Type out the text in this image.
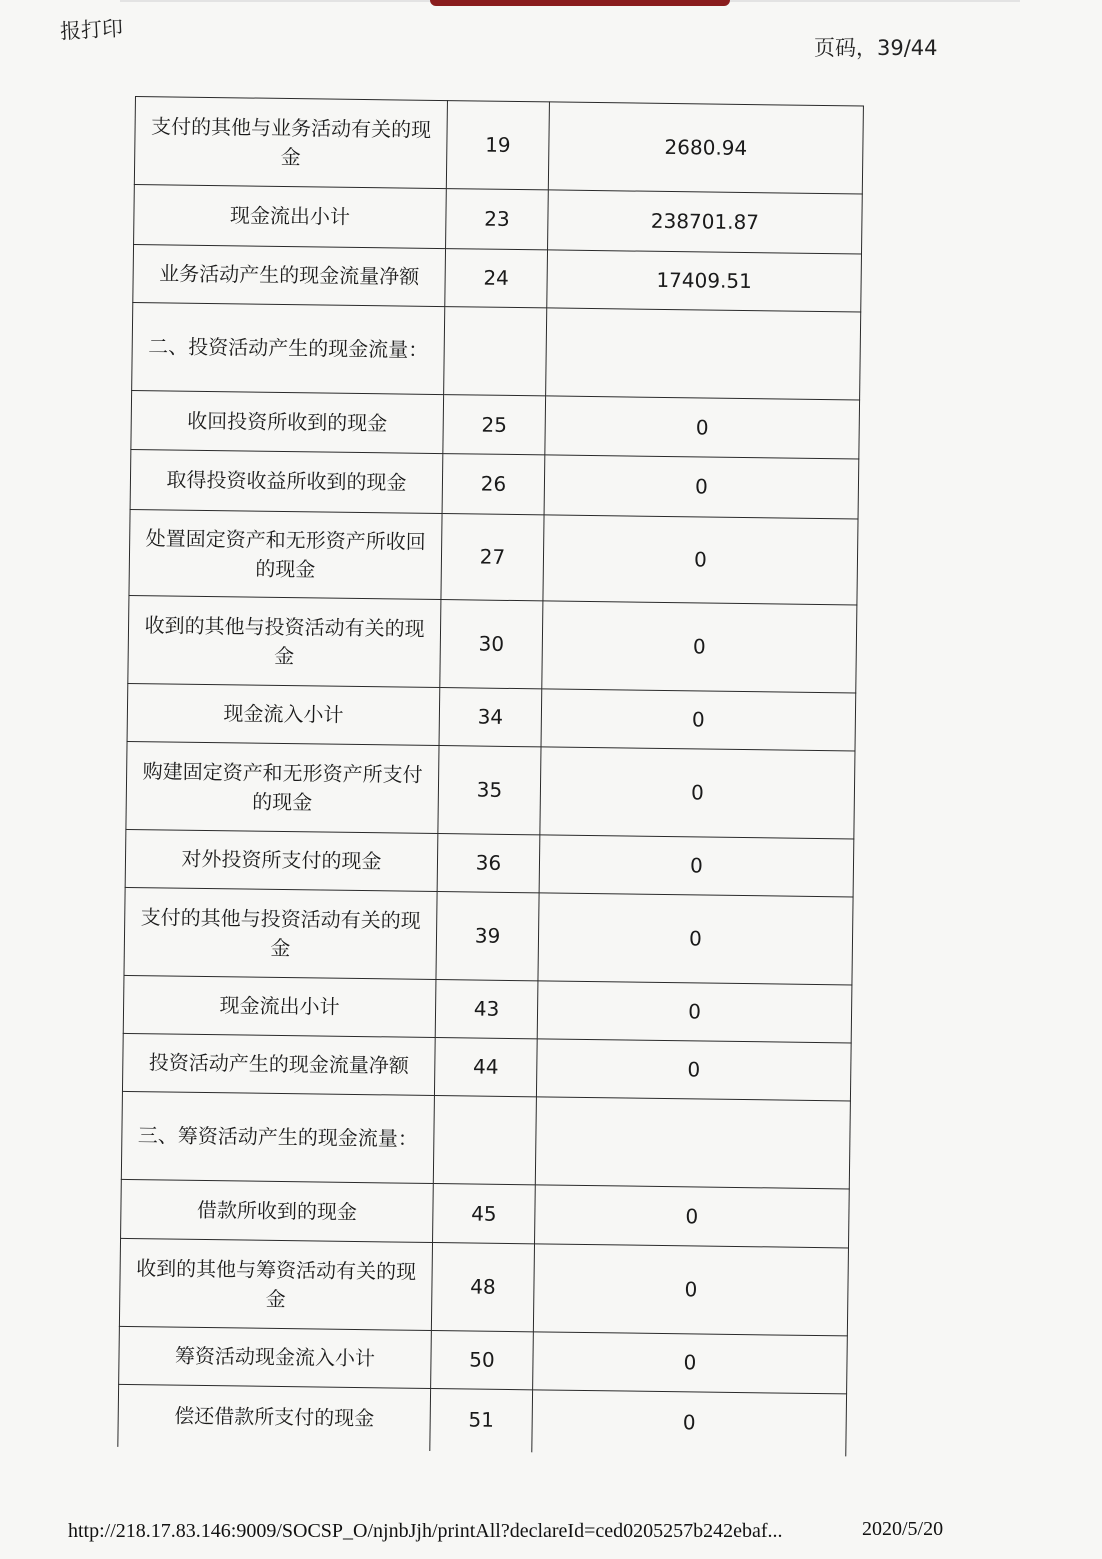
报打印
页码，39/44
支付的其他与业务活动有关的现金	19	2680.94
现金流出小计	23	238701.87
业务活动产生的现金流量净额	24	17409.51
二、投资活动产生的现金流量：		
收回投资所收到的现金	25	0
取得投资收益所收到的现金	26	0
处置固定资产和无形资产所收回的现金	27	0
收到的其他与投资活动有关的现金	30	0
现金流入小计	34	0
购建固定资产和无形资产所支付的现金	35	0
对外投资所支付的现金	36	0
支付的其他与投资活动有关的现金	39	0
现金流出小计	43	0
投资活动产生的现金流量净额	44	0
三、筹资活动产生的现金流量：		
借款所收到的现金	45	0
收到的其他与筹资活动有关的现金	48	0
筹资活动现金流入小计	50	0
偿还借款所支付的现金	51	0
http://218.17.83.146:9009/SOCSP_O/njnbJjh/printAll?declareId=ced0205257b242ebaf...	2020/5/20
